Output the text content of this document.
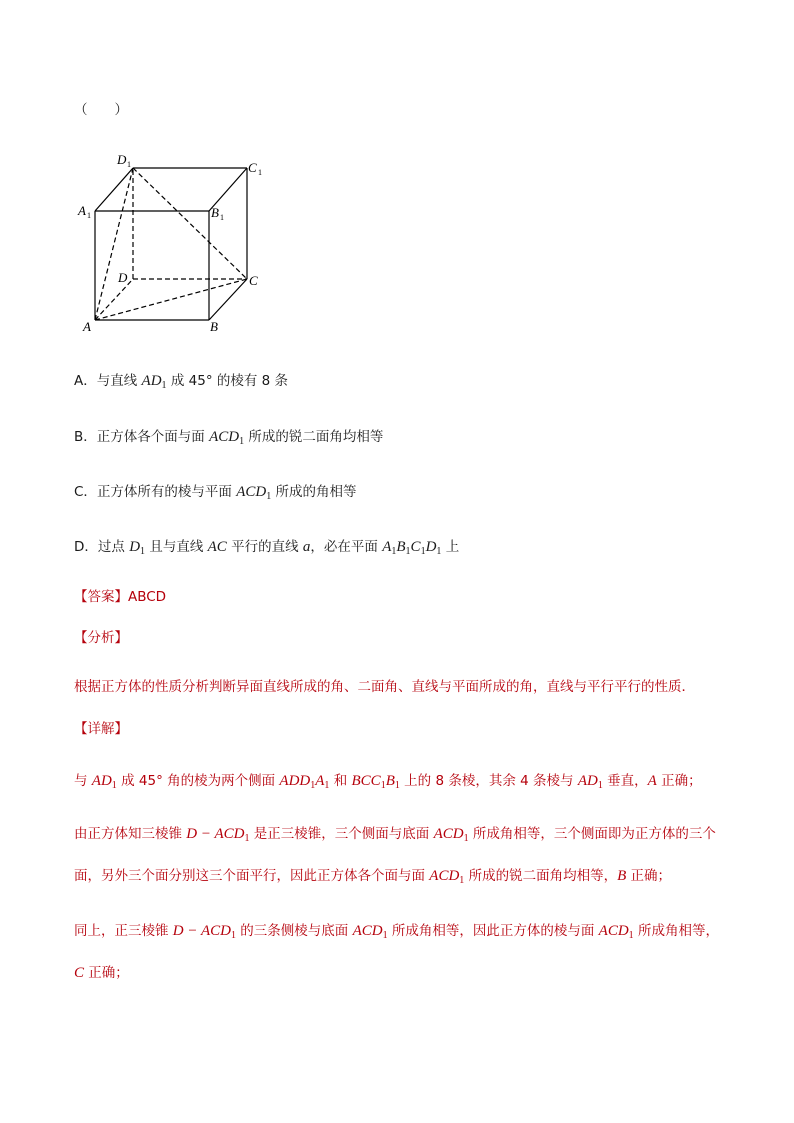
（　　）
D 1	C 1
A 1	B 1
D	C
A	B
A．与直线 $AD_1$ 成 45° 的棱有 8 条
B．正方体各个面与面 $ACD_1$ 所成的锐二面角均相等
C．正方体所有的棱与平面 $ACD_1$ 所成的角相等
D．过点 $D_1$ 且与直线 AC 平行的直线 a，必在平面 $A_1B_1C_1D_1$ 上
【答案】ABCD
【分析】
根据正方体的性质分析判断异面直线所成的角、二面角、直线与平面所成的角，直线与平行平行的性质．
【详解】
与 $AD_1$ 成 45° 角的棱为两个侧面 $ADD_1A_1$ 和 $BCC_1B_1$ 上的 8 条棱，其余 4 条棱与 $AD_1$ 垂直，A 正确；
由正方体知三棱锥 $D - ACD_1$ 是正三棱锥，三个侧面与底面 $ACD_1$ 所成角相等，三个侧面即为正方体的三个
面，另外三个面分别这三个面平行，因此正方体各个面与面 $ACD_1$ 所成的锐二面角均相等，B 正确；
同上，正三棱锥 $D - ACD_1$ 的三条侧棱与底面 $ACD_1$ 所成角相等，因此正方体的棱与面 $ACD_1$ 所成角相等，
C 正确；
